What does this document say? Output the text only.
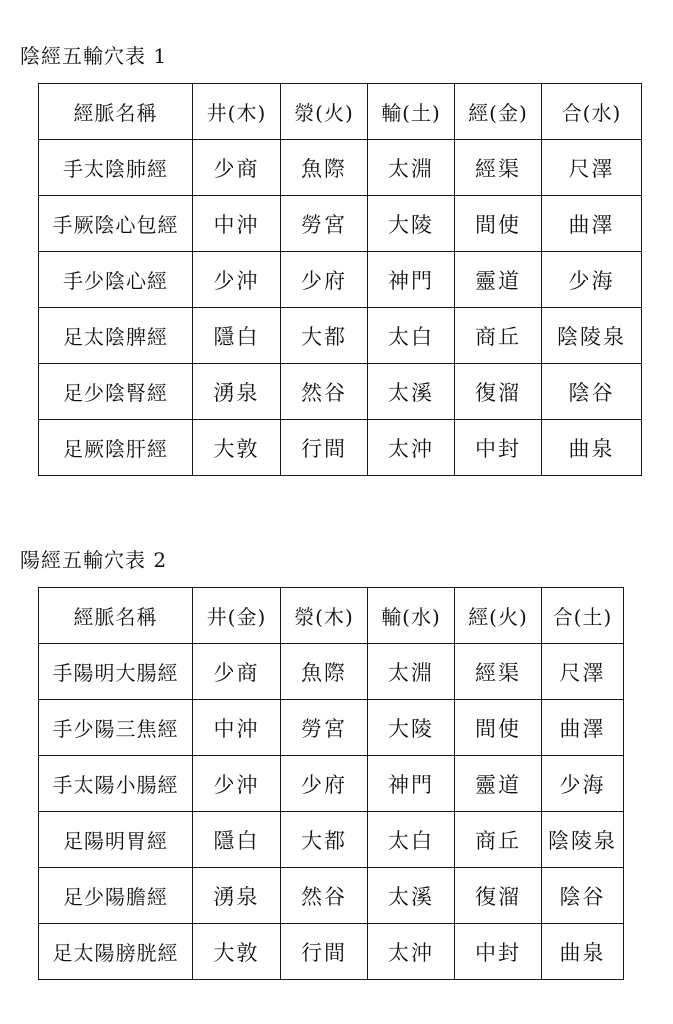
陰經五輸穴表 1
經脈名稱	井(木)	滎(火)	輸(土)	經(金)	合(水)
手太陰肺經	少商	魚際	太淵	經渠	尺澤
手厥陰心包經	中沖	勞宮	大陵	間使	曲澤
手少陰心經	少沖	少府	神門	靈道	少海
足太陰脾經	隱白	大都	太白	商丘	陰陵泉
足少陰腎經	湧泉	然谷	太溪	復溜	陰谷
足厥陰肝經	大敦	行間	太沖	中封	曲泉
陽經五輸穴表 2
經脈名稱	井(金)	滎(木)	輸(水)	經(火)	合(土)
手陽明大腸經	少商	魚際	太淵	經渠	尺澤
手少陽三焦經	中沖	勞宮	大陵	間使	曲澤
手太陽小腸經	少沖	少府	神門	靈道	少海
足陽明胃經	隱白	大都	太白	商丘	陰陵泉
足少陽膽經	湧泉	然谷	太溪	復溜	陰谷
足太陽膀胱經	大敦	行間	太沖	中封	曲泉
